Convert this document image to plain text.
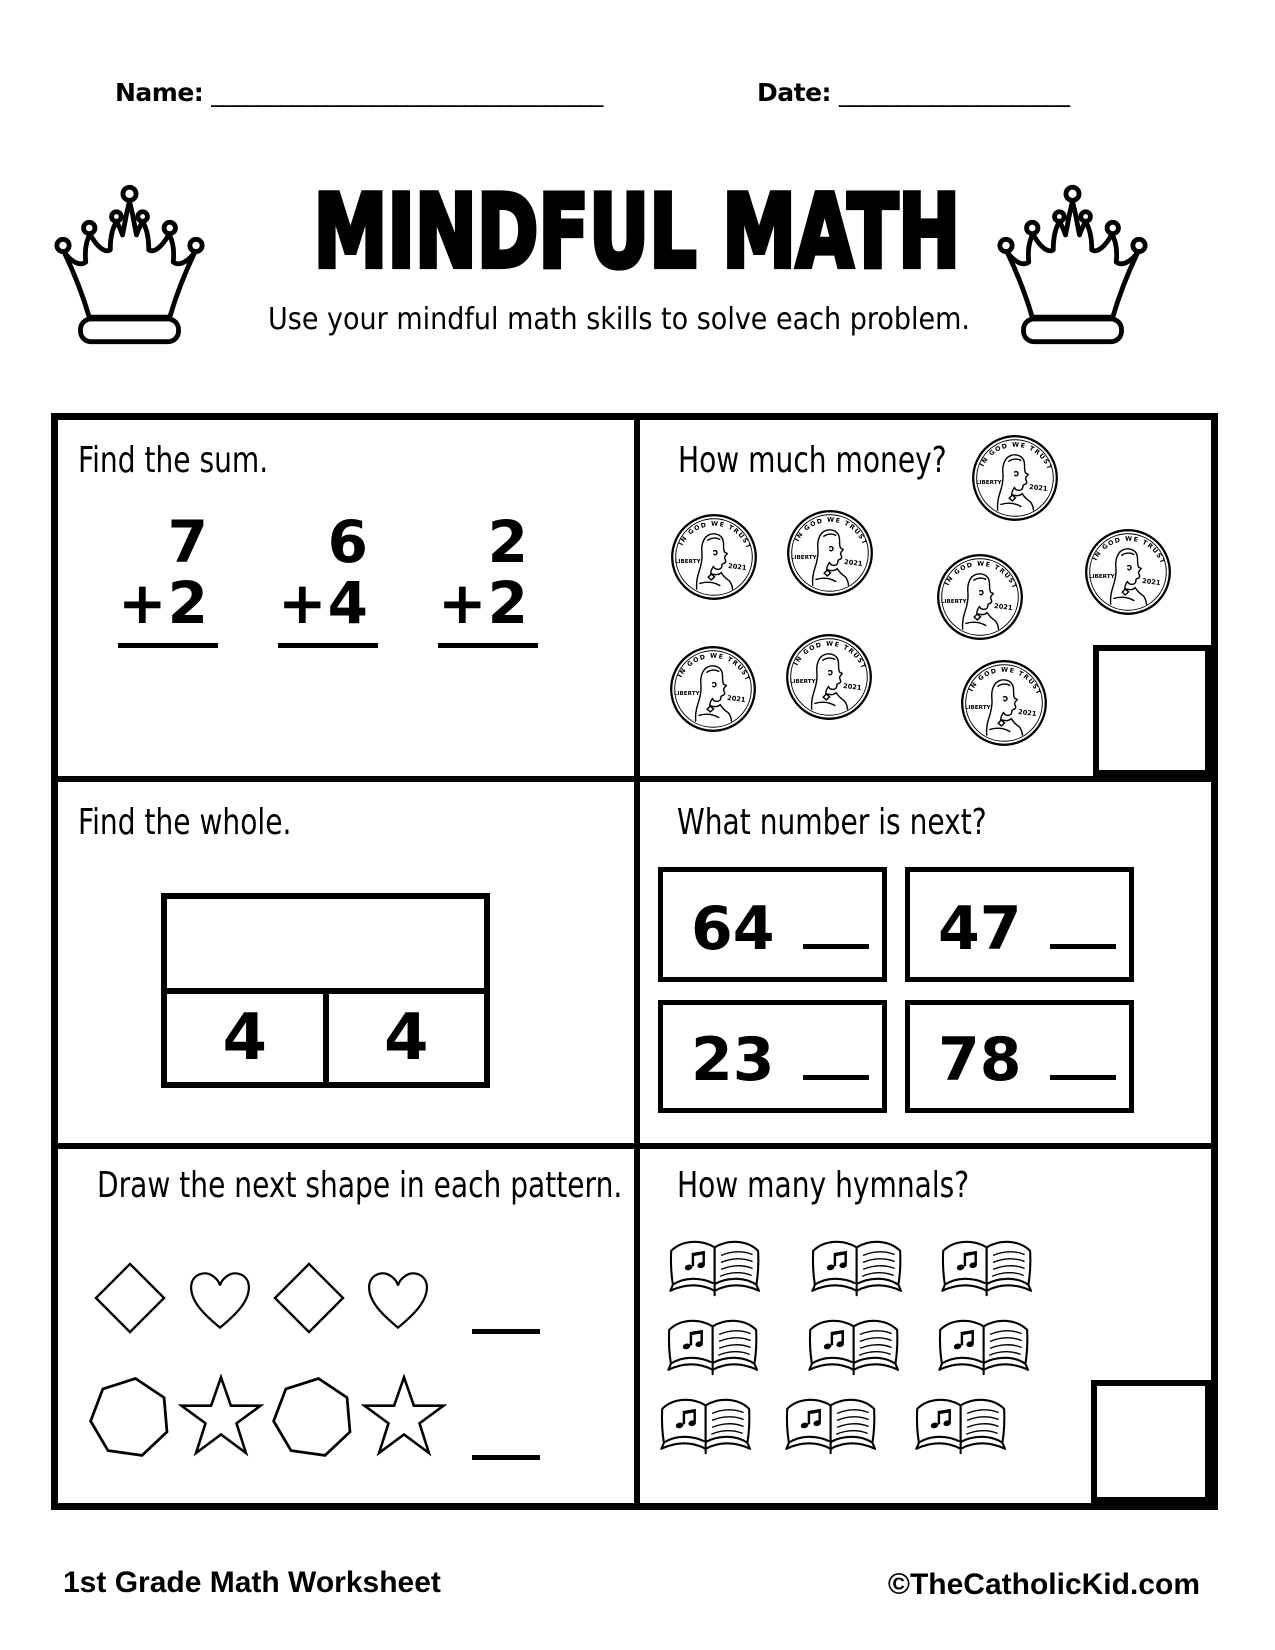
Name: __________________________________	Date: ____________________
MINDFUL MATH
Use your mindful math skills to solve each problem.
Find the sum.
7
+ 2
6
+ 4
2
+ 2
How much money?
Find the whole.
4	4
What number is next?
64	47
23	78
Draw the next shape in each pattern.	How many hymnals?
1st Grade Math Worksheet	©TheCatholicKid.com
